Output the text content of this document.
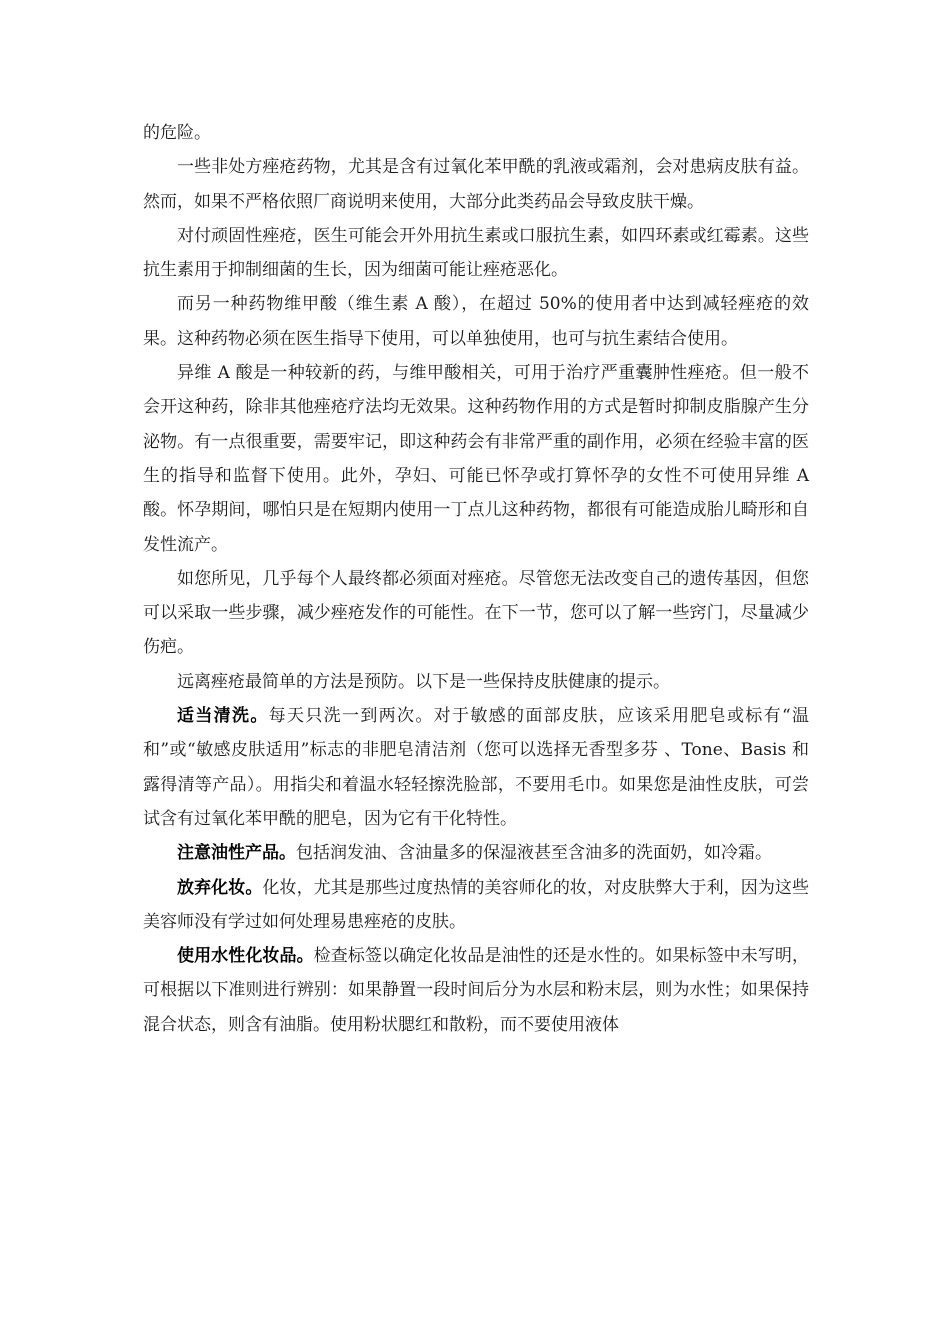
的危险。

一些非处方痤疮药物，尤其是含有过氧化苯甲酰的乳液或霜剂，会对患病皮肤有益。然而，如果不严格依照厂商说明来使用，大部分此类药品会导致皮肤干燥。

对付顽固性痤疮，医生可能会开外用抗生素或口服抗生素，如四环素或红霉素。这些抗生素用于抑制细菌的生长，因为细菌可能让痤疮恶化。

而另一种药物维甲酸（维生素 A 酸），在超过 50%的使用者中达到减轻痤疮的效果。这种药物必须在医生指导下使用，可以单独使用，也可与抗生素结合使用。

异维 A 酸是一种较新的药，与维甲酸相关，可用于治疗严重囊肿性痤疮。但一般不会开这种药，除非其他痤疮疗法均无效果。这种药物作用的方式是暂时抑制皮脂腺产生分泌物。有一点很重要，需要牢记，即这种药会有非常严重的副作用，必须在经验丰富的医生的指导和监督下使用。此外，孕妇、可能已怀孕或打算怀孕的女性不可使用异维 A 酸。怀孕期间，哪怕只是在短期内使用一丁点儿这种药物，都很有可能造成胎儿畸形和自发性流产。

如您所见，几乎每个人最终都必须面对痤疮。尽管您无法改变自己的遗传基因，但您可以采取一些步骤，减少痤疮发作的可能性。在下一节，您可以了解一些窍门，尽量减少伤疤。

远离痤疮最简单的方法是预防。以下是一些保持皮肤健康的提示。

适当清洗。每天只洗一到两次。对于敏感的面部皮肤，应该采用肥皂或标有“温和”或“敏感皮肤适用”标志的非肥皂清洁剂（您可以选择无香型多芬 、Tone、Basis 和露得清等产品）。用指尖和着温水轻轻擦洗脸部，不要用毛巾。如果您是油性皮肤，可尝试含有过氧化苯甲酰的肥皂，因为它有干化特性。

注意油性产品。包括润发油、含油量多的保湿液甚至含油多的洗面奶，如冷霜。

放弃化妆。化妆，尤其是那些过度热情的美容师化的妆，对皮肤弊大于利，因为这些美容师没有学过如何处理易患痤疮的皮肤。

使用水性化妆品。检查标签以确定化妆品是油性的还是水性的。如果标签中未写明，可根据以下准则进行辨别：如果静置一段时间后分为水层和粉末层，则为水性；如果保持混合状态，则含有油脂。使用粉状腮红和散粉，而不要使用液体
